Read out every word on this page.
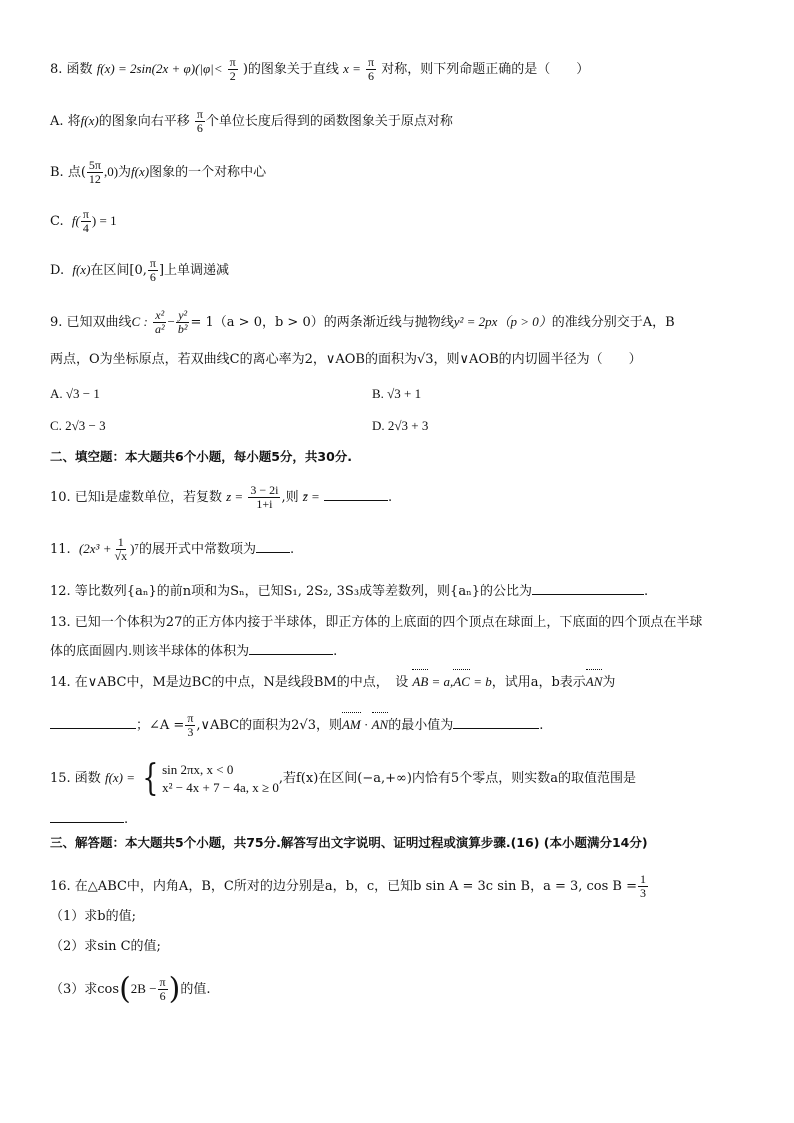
8. 函数 $f(x) = 2\sin(2x + \varphi)(|\varphi|< \frac{\pi}{2}$ )的图象关于直线 $x = \frac{\pi}{6}$ 对称，则下列命题正确的是（　　）
A. 将f(x)的图象向右平移 $\frac{\pi}{6}$ 个单位长度后得到的函数图象关于原点对称
B. 点( $\frac{5\pi}{12} ,0$)为f(x)图象的一个对称中心
C. $f( \frac{\pi}{4}$ ) = 1
D. f(x)在区间[0, $\frac{\pi}{6}$ ]上单调递减
9. 已知双曲线C : $\frac{\text{x²}}{\text{a²}} - \frac{\text{y²}}{\text{b²}} = 1(a > 0$，b > 0）的两条渐近线与抛物线y² = 2px（p > 0）的准线分别交于A，B
两点，O为坐标原点，若双曲线C的离心率为2，∨AOB的面积为√3，则∨AOB的内切圆半径为（　　）
A. √3 − 1	B. √3 + 1
C. 2√3 − 3	D. 2√3 + 3
二、填空题：本大题共6个小题，每小题5分，共30分.
10. 已知i是虚数单位，若复数 $z = \frac{3 - 2i}{1+i}$ ,则 z̄ =	.
11. $(2x^3 + \frac{1}{√x} )^7$的展开式中常数项为	.
12. 等比数列{aₙ}的前n项和为Sₙ，已知S₁, 2S₂, 3S₃成等差数列，则{aₙ}的公比为	.
13. 已知一个体积为27的正方体内接于半球体，即正方体的上底面的四个顶点在球面上，下底面的四个顶点在半球
体的底面圆内.则该半球体的体积为	.
14. 在∨ABC中，M是边BC的中点，N是线段BM的中点，　设 AB = a,AC = b，试用a，b表示AN为
；∠A = $\frac{\pi}{3}$ ,∨ABC的面积为2√3，则AM · AN的最小值为	.
15. 函数 f(x) = { sin 2πx, x < 0
x² − 4x + 7 − 4a, x ≥ 0
,若f(x)在区间(−a,+∞)内恰有5个零点，则实数a的取值范围是
.
三、解答题：本大题共5个小题，共75分.解答写出文字说明、证明过程或演算步骤.(16) (本小题满分14分)
16. 在△ABC中，内角A，B，C所对的边分别是a，b，c，已知b sin A = 3c sin B，a = 3, $\cos B = \frac{1}{3}$
（1）求b的值;
（2）求sin C的值;
（3）求$\cos(2B - \frac{\pi}{6}$ )的值.
